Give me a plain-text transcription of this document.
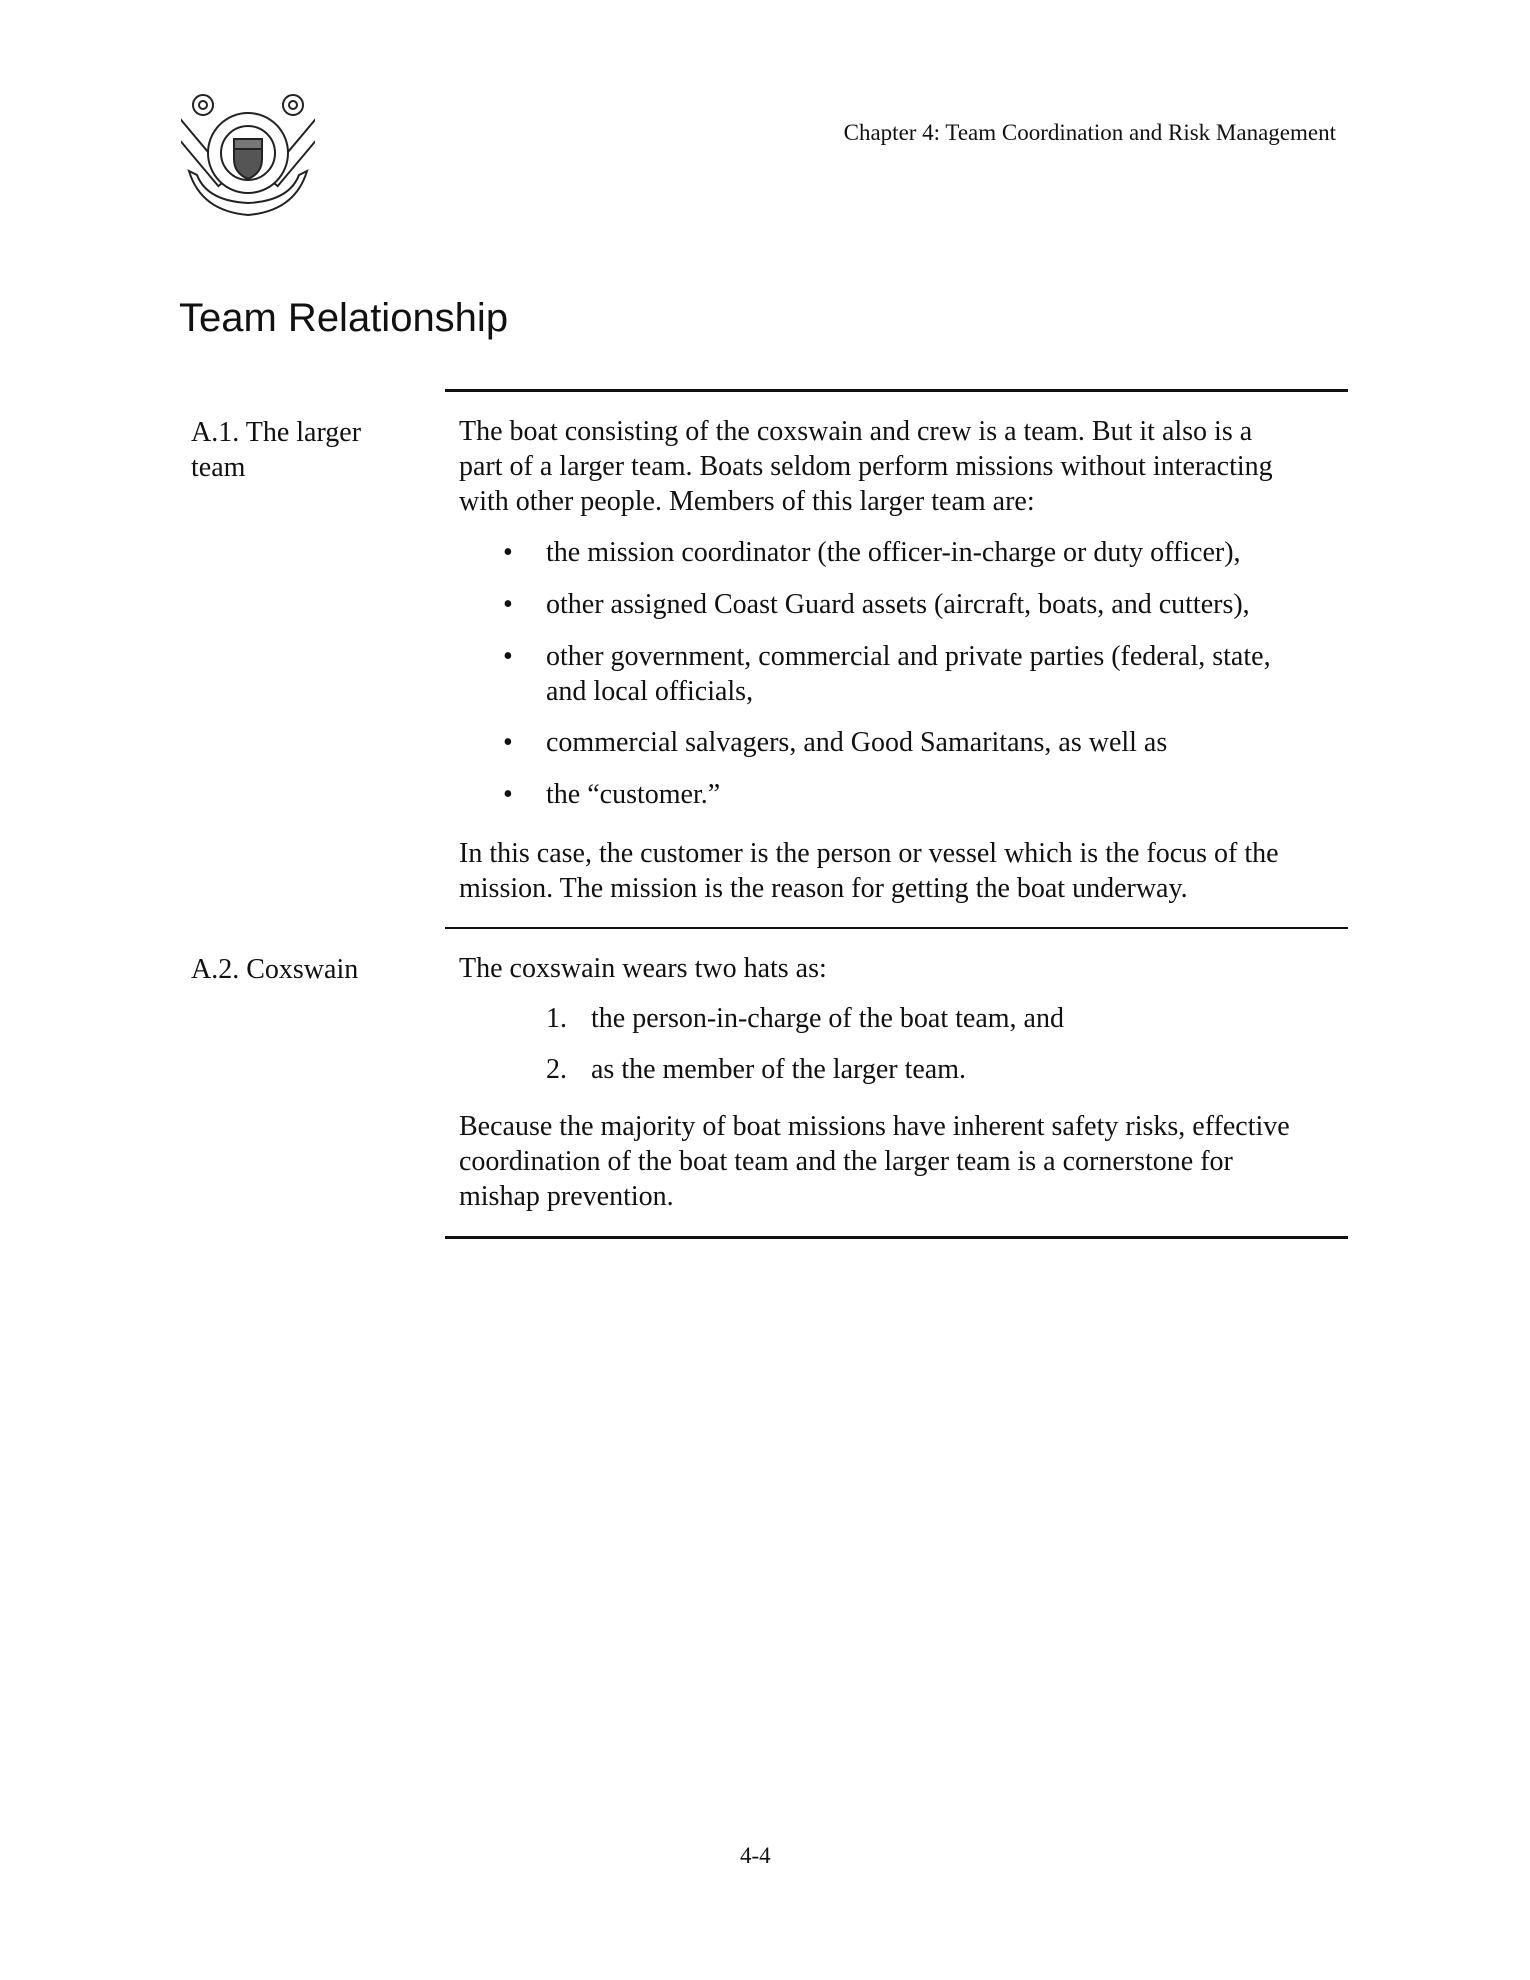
Chapter 4: Team Coordination and Risk Management
Team Relationship
A.1. The larger
team
The boat consisting of the coxswain and crew is a team. But it also is a
part of a larger team. Boats seldom perform missions without interacting
with other people. Members of this larger team are:
• the mission coordinator (the officer-in-charge or duty officer),
• other assigned Coast Guard assets (aircraft, boats, and cutters),
• other government, commercial and private parties (federal, state,
and local officials,
• commercial salvagers, and Good Samaritans, as well as
• the “customer.”
In this case, the customer is the person or vessel which is the focus of the
mission. The mission is the reason for getting the boat underway.
A.2. Coxswain	The coxswain wears two hats as:
1. the person-in-charge of the boat team, and
2. as the member of the larger team.
Because the majority of boat missions have inherent safety risks, effective
coordination of the boat team and the larger team is a cornerstone for
mishap prevention.
4-4
